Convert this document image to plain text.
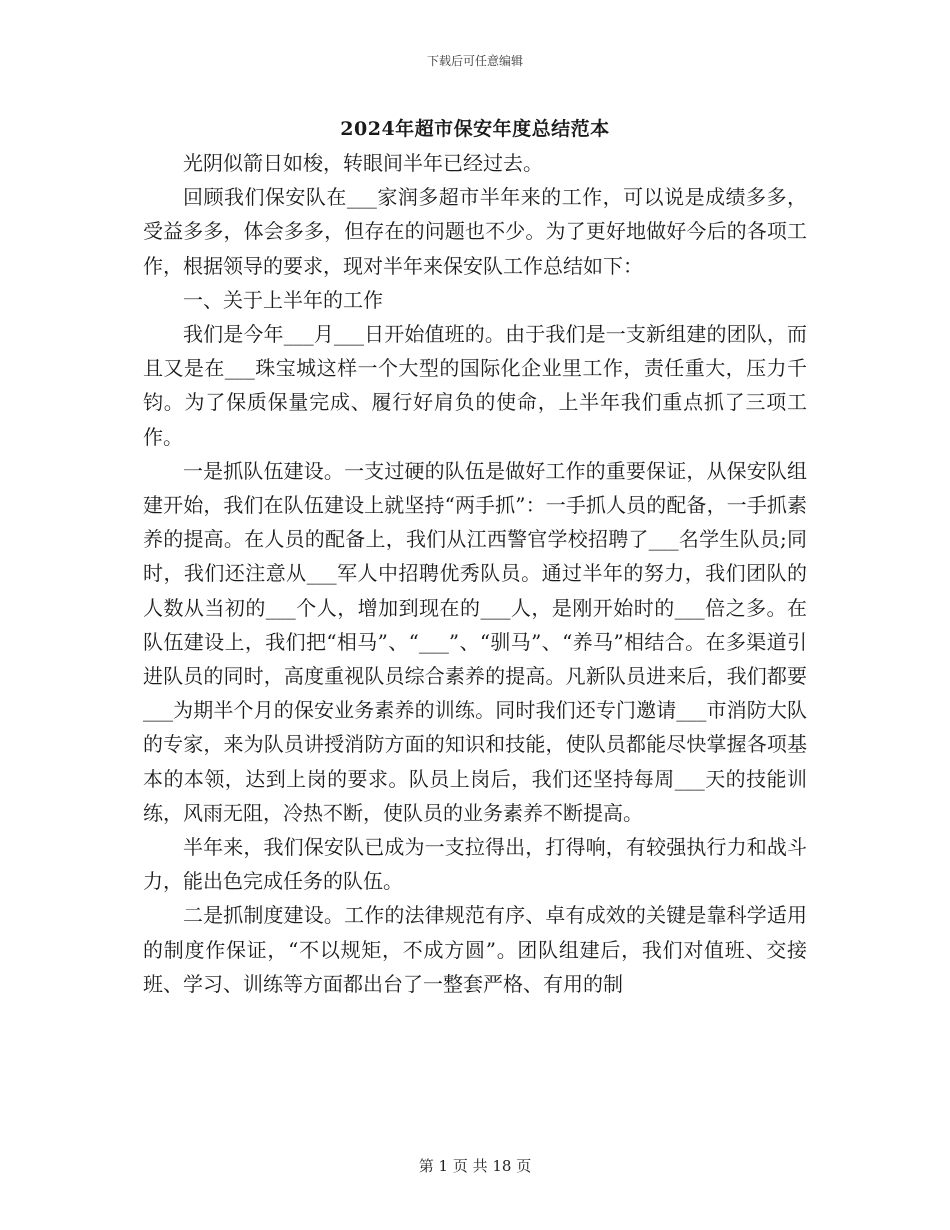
下载后可任意编辑
2024年超市保安年度总结范本

光阴似箭日如梭，转眼间半年已经过去。

回顾我们保安队在___家润多超市半年来的工作，可以说是成绩多多，受益多多，体会多多，但存在的问题也不少。为了更好地做好今后的各项工作，根据领导的要求，现对半年来保安队工作总结如下：

一、关于上半年的工作

我们是今年___月___日开始值班的。由于我们是一支新组建的团队，而且又是在___珠宝城这样一个大型的国际化企业里工作，责任重大，压力千钧。为了保质保量完成、履行好肩负的使命，上半年我们重点抓了三项工作。

一是抓队伍建设。一支过硬的队伍是做好工作的重要保证，从保安队组建开始，我们在队伍建设上就坚持“两手抓”：一手抓人员的配备，一手抓素养的提高。在人员的配备上，我们从江西警官学校招聘了___名学生队员;同时，我们还注意从___军人中招聘优秀队员。通过半年的努力，我们团队的人数从当初的___个人，增加到现在的___人，是刚开始时的___倍之多。在队伍建设上，我们把“相马”、“___”、“驯马”、“养马”相结合。在多渠道引进队员的同时，高度重视队员综合素养的提高。凡新队员进来后，我们都要___为期半个月的保安业务素养的训练。同时我们还专门邀请___市消防大队的专家，来为队员讲授消防方面的知识和技能，使队员都能尽快掌握各项基本的本领，达到上岗的要求。队员上岗后，我们还坚持每周___天的技能训练，风雨无阻，冷热不断，使队员的业务素养不断提高。

半年来，我们保安队已成为一支拉得出，打得响，有较强执行力和战斗力，能出色完成任务的队伍。

二是抓制度建设。工作的法律规范有序、卓有成效的关键是靠科学适用的制度作保证，“不以规矩，不成方圆”。团队组建后，我们对值班、交接班、学习、训练等方面都出台了一整套严格、有用的制

第 1 页 共 18 页
